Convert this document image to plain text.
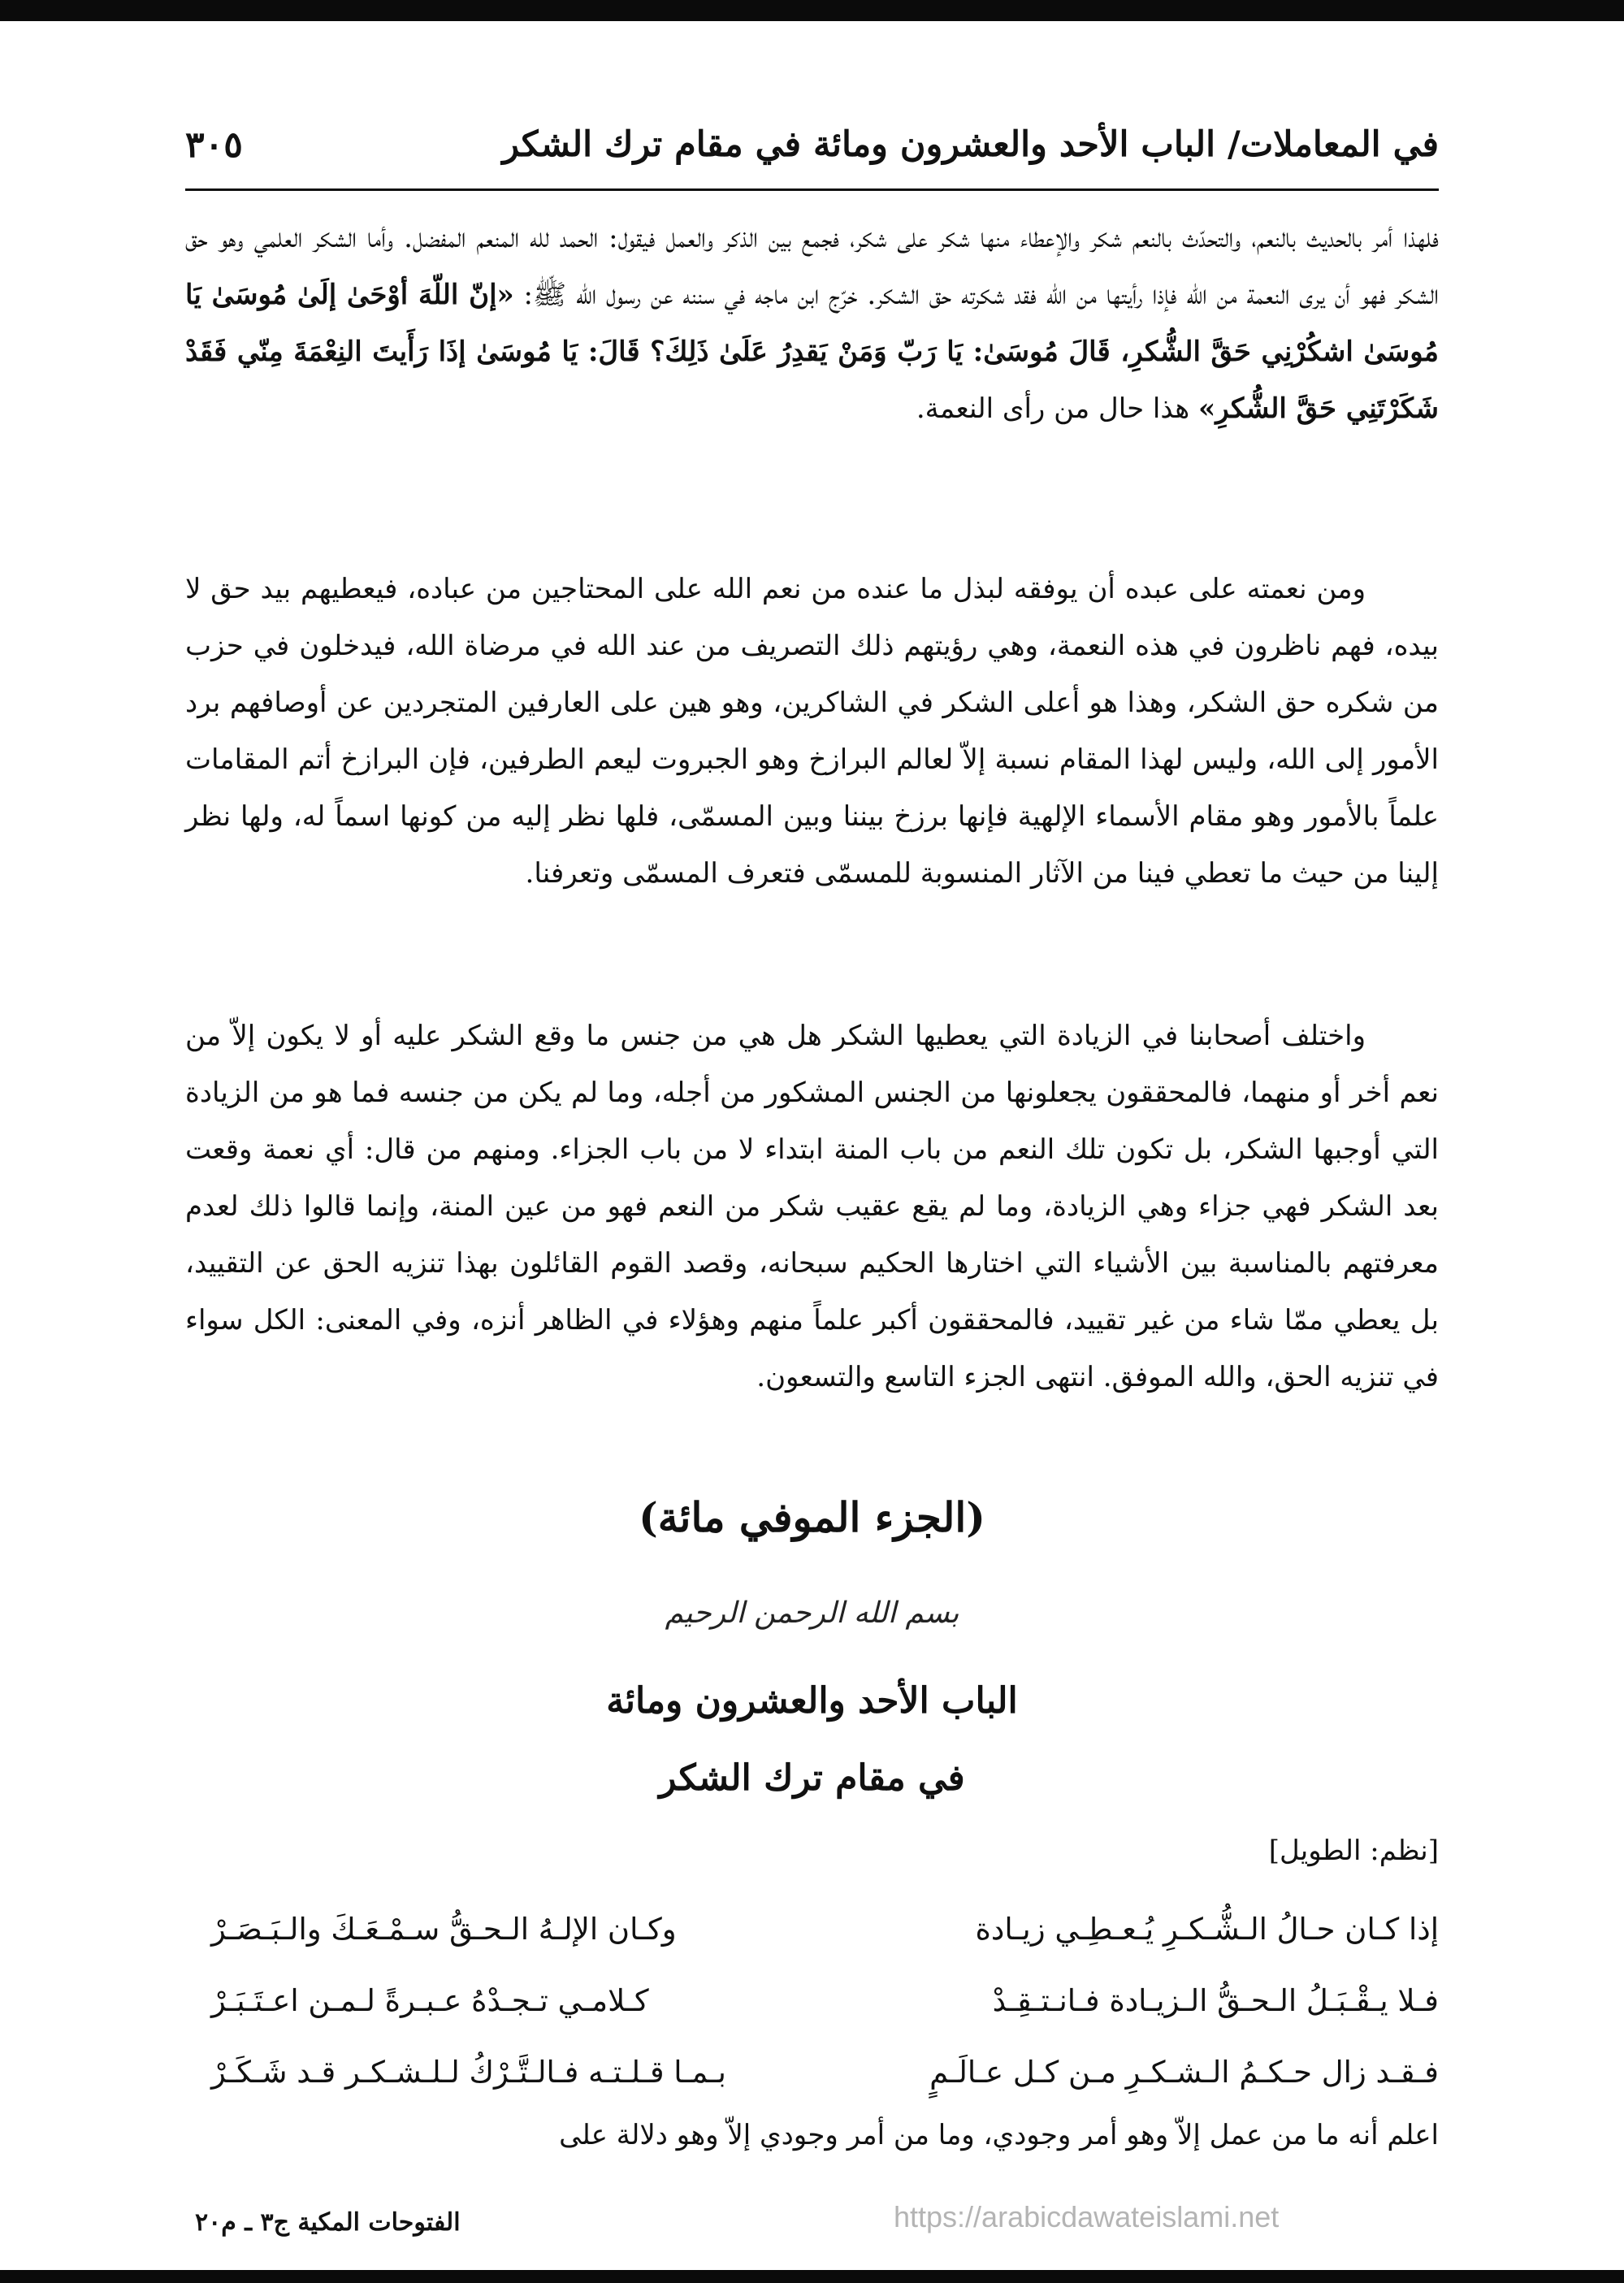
في المعاملات/ الباب الأحد والعشرون ومائة في مقام ترك الشكر
٣٠٥

فلهذا أمر بالحديث بالنعم، والتحدّث بالنعم شكر والإعطاء منها شكر على شكر، فجمع بين الذكر والعمل فيقول: الحمد لله المنعم المفضل. وأما الشكر العلمي وهو حق الشكر فهو أن يرى النعمة من الله فإذا رأيتها من الله فقد شكرته حق الشكر. خرّج ابن ماجه في سننه عن رسول الله ﷺ: «إنّ اللّهَ أوْحَىٰ إلَىٰ مُوسَىٰ يَا مُوسَىٰ اشكُرْنِي حَقَّ الشُّكرِ، قَالَ مُوسَىٰ: يَا رَبّ وَمَنْ يَقدِرُ عَلَىٰ ذَلِكَ؟ قَالَ: يَا مُوسَىٰ إذَا رَأَيتَ النِعْمَةَ مِنّي فَقَدْ شَكَرْتَنِي حَقَّ الشُّكرِ» هذا حال من رأى النعمة.

ومن نعمته على عبده أن يوفقه لبذل ما عنده من نعم الله على المحتاجين من عباده، فيعطيهم بيد حق لا بيده، فهم ناظرون في هذه النعمة، وهي رؤيتهم ذلك التصريف من عند الله في مرضاة الله، فيدخلون في حزب من شكره حق الشكر، وهذا هو أعلى الشكر في الشاكرين، وهو هين على العارفين المتجردين عن أوصافهم برد الأمور إلى الله، وليس لهذا المقام نسبة إلاّ لعالم البرازخ وهو الجبروت ليعم الطرفين، فإن البرازخ أتم المقامات علماً بالأمور وهو مقام الأسماء الإلهية فإنها برزخ بيننا وبين المسمّى، فلها نظر إليه من كونها اسماً له، ولها نظر إلينا من حيث ما تعطي فينا من الآثار المنسوبة للمسمّى فتعرف المسمّى وتعرفنا.

واختلف أصحابنا في الزيادة التي يعطيها الشكر هل هي من جنس ما وقع الشكر عليه أو لا يكون إلاّ من نعم أخر أو منهما، فالمحققون يجعلونها من الجنس المشكور من أجله، وما لم يكن من جنسه فما هو من الزيادة التي أوجبها الشكر، بل تكون تلك النعم من باب المنة ابتداء لا من باب الجزاء. ومنهم من قال: أي نعمة وقعت بعد الشكر فهي جزاء وهي الزيادة، وما لم يقع عقيب شكر من النعم فهو من عين المنة، وإنما قالوا ذلك لعدم معرفتهم بالمناسبة بين الأشياء التي اختارها الحكيم سبحانه، وقصد القوم القائلون بهذا تنزيه الحق عن التقييد، بل يعطي ممّا شاء من غير تقييد، فالمحققون أكبر علماً منهم وهؤلاء في الظاهر أنزه، وفي المعنى: الكل سواء في تنزيه الحق، والله الموفق. انتهى الجزء التاسع والتسعون.

(الجزء الموفي مائة)
بسم الله الرحمن الرحيم
الباب الأحد والعشرون ومائة
في مقام ترك الشكر
[نظم: الطويل]
إذا كـان حـالُ الـشُّـكـرِ يُـعـطِـي زيـادة
وكـان الإلـهُ الـحـقُّ سـمْـعَـكَ والـبَـصَـرْ
فـلا يـقْـبَـلُ الـحـقُّ الـزيـادة فـانـتـقِـدْ
كـلامـي تـجـدْهُ عـبـرةً لـمـن اعـتَـبَـرْ
فـقـد زال حـكـمُ الـشـكـرِ مـن كـل عـالَـمٍ
بـمـا قـلـتـه فـالـتَّـرْكُ لـلـشـكـر قـد شَـكَـرْ
اعلم أنه ما من عمل إلاّ وهو أمر وجودي، وما من أمر وجودي إلاّ وهو دلالة على
الفتوحات المكية ج٣ ـ م٢٠	https://arabicdawateislami.net
